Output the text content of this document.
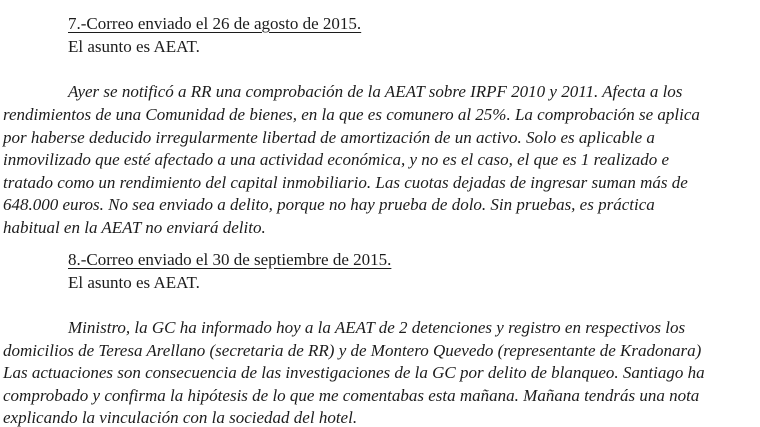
7.-Correo enviado el 26 de agosto de 2015.
El asunto es AEAT.
Ayer se notificó a RR una comprobación de la AEAT sobre IRPF 2010 y 2011. Afecta a los
rendimientos de una Comunidad de bienes, en la que es comunero al 25%. La comprobación se aplica
por haberse deducido irregularmente libertad de amortización de un activo. Solo es aplicable a
inmovilizado que esté afectado a una actividad económica, y no es el caso, el que es 1 realizado e
tratado como un rendimiento del capital inmobiliario. Las cuotas dejadas de ingresar suman más de
648.000 euros. No sea enviado a delito, porque no hay prueba de dolo. Sin pruebas, es práctica
habitual en la AEAT no enviará delito.
8.-Correo enviado el 30 de septiembre de 2015.
El asunto es AEAT.
Ministro, la GC ha informado hoy a la AEAT de 2 detenciones y registro en respectivos los
domicilios de Teresa Arellano (secretaria de RR) y de Montero Quevedo (representante de Kradonara)
Las actuaciones son consecuencia de las investigaciones de la GC por delito de blanqueo. Santiago ha
comprobado y confirma la hipótesis de lo que me comentabas esta mañana. Mañana tendrás una nota
explicando la vinculación con la sociedad del hotel.
